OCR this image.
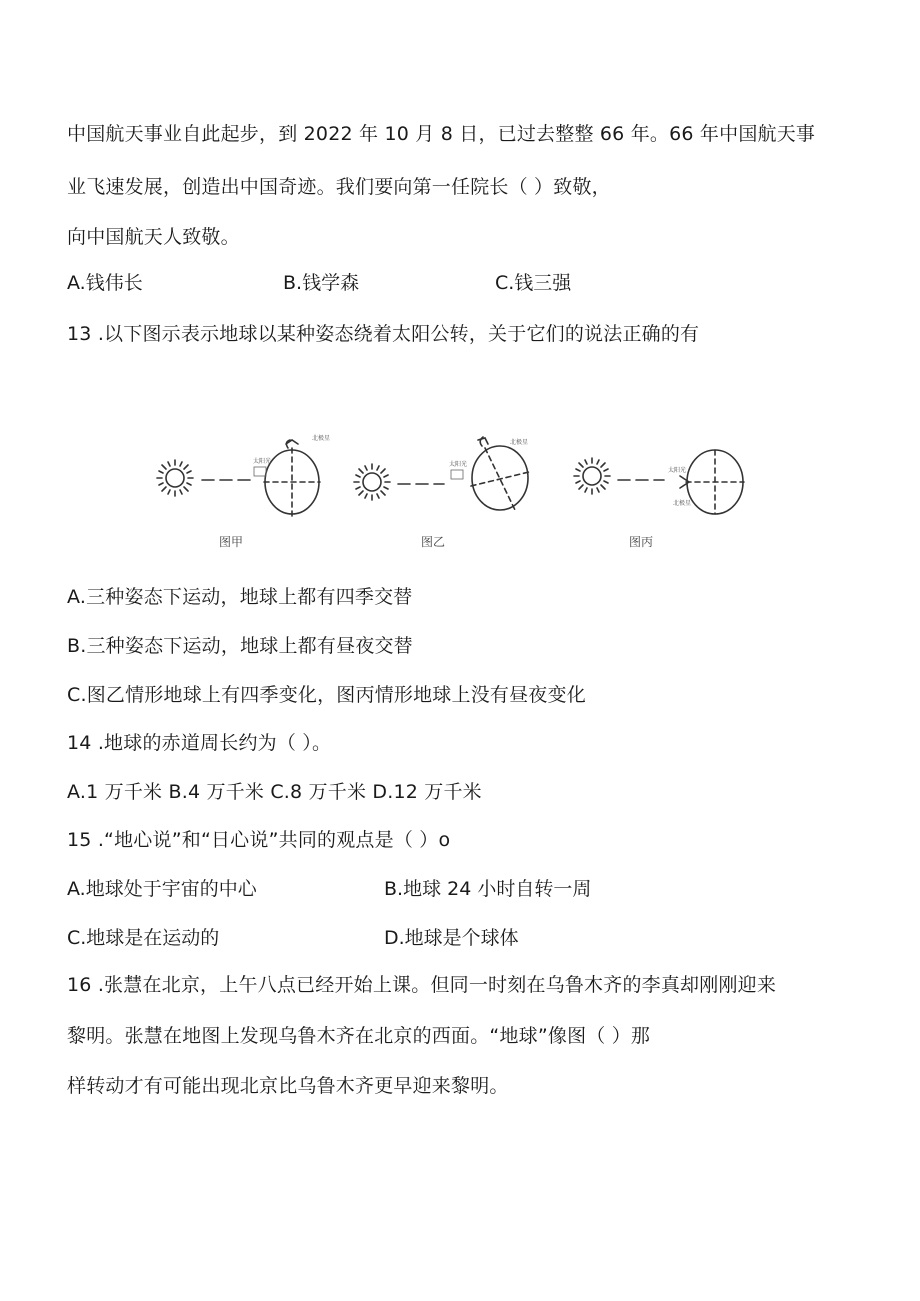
中国航天事业自此起步，到 2022 年 10 月 8 日，已过去整整 66 年。66 年中国航天事
业飞速发展，创造出中国奇迹。我们要向第一任院长（ ）致敬，
向中国航天人致敬。
A.钱伟长	B.钱学森	C.钱三强
13 .以下图示表示地球以某种姿态绕着太阳公转，关于它们的说法正确的有
太阳光
北极星
太阳光
北极星
太阳光
北极星
图甲	图乙	图丙
A.三种姿态下运动，地球上都有四季交替
B.三种姿态下运动，地球上都有昼夜交替
C.图乙情形地球上有四季变化，图丙情形地球上没有昼夜变化
14 .地球的赤道周长约为（ ）。
A.1 万千米 B.4 万千米 C.8 万千米 D.12 万千米
15 .“地心说”和“日心说”共同的观点是（ ）o
A.地球处于宇宙的中心	B.地球 24 小时自转一周
C.地球是在运动的	D.地球是个球体
16 .张慧在北京，上午八点已经开始上课。但同一时刻在乌鲁木齐的李真却刚刚迎来
黎明。张慧在地图上发现乌鲁木齐在北京的西面。“地球”像图（ ）那
样转动才有可能出现北京比乌鲁木齐更早迎来黎明。
